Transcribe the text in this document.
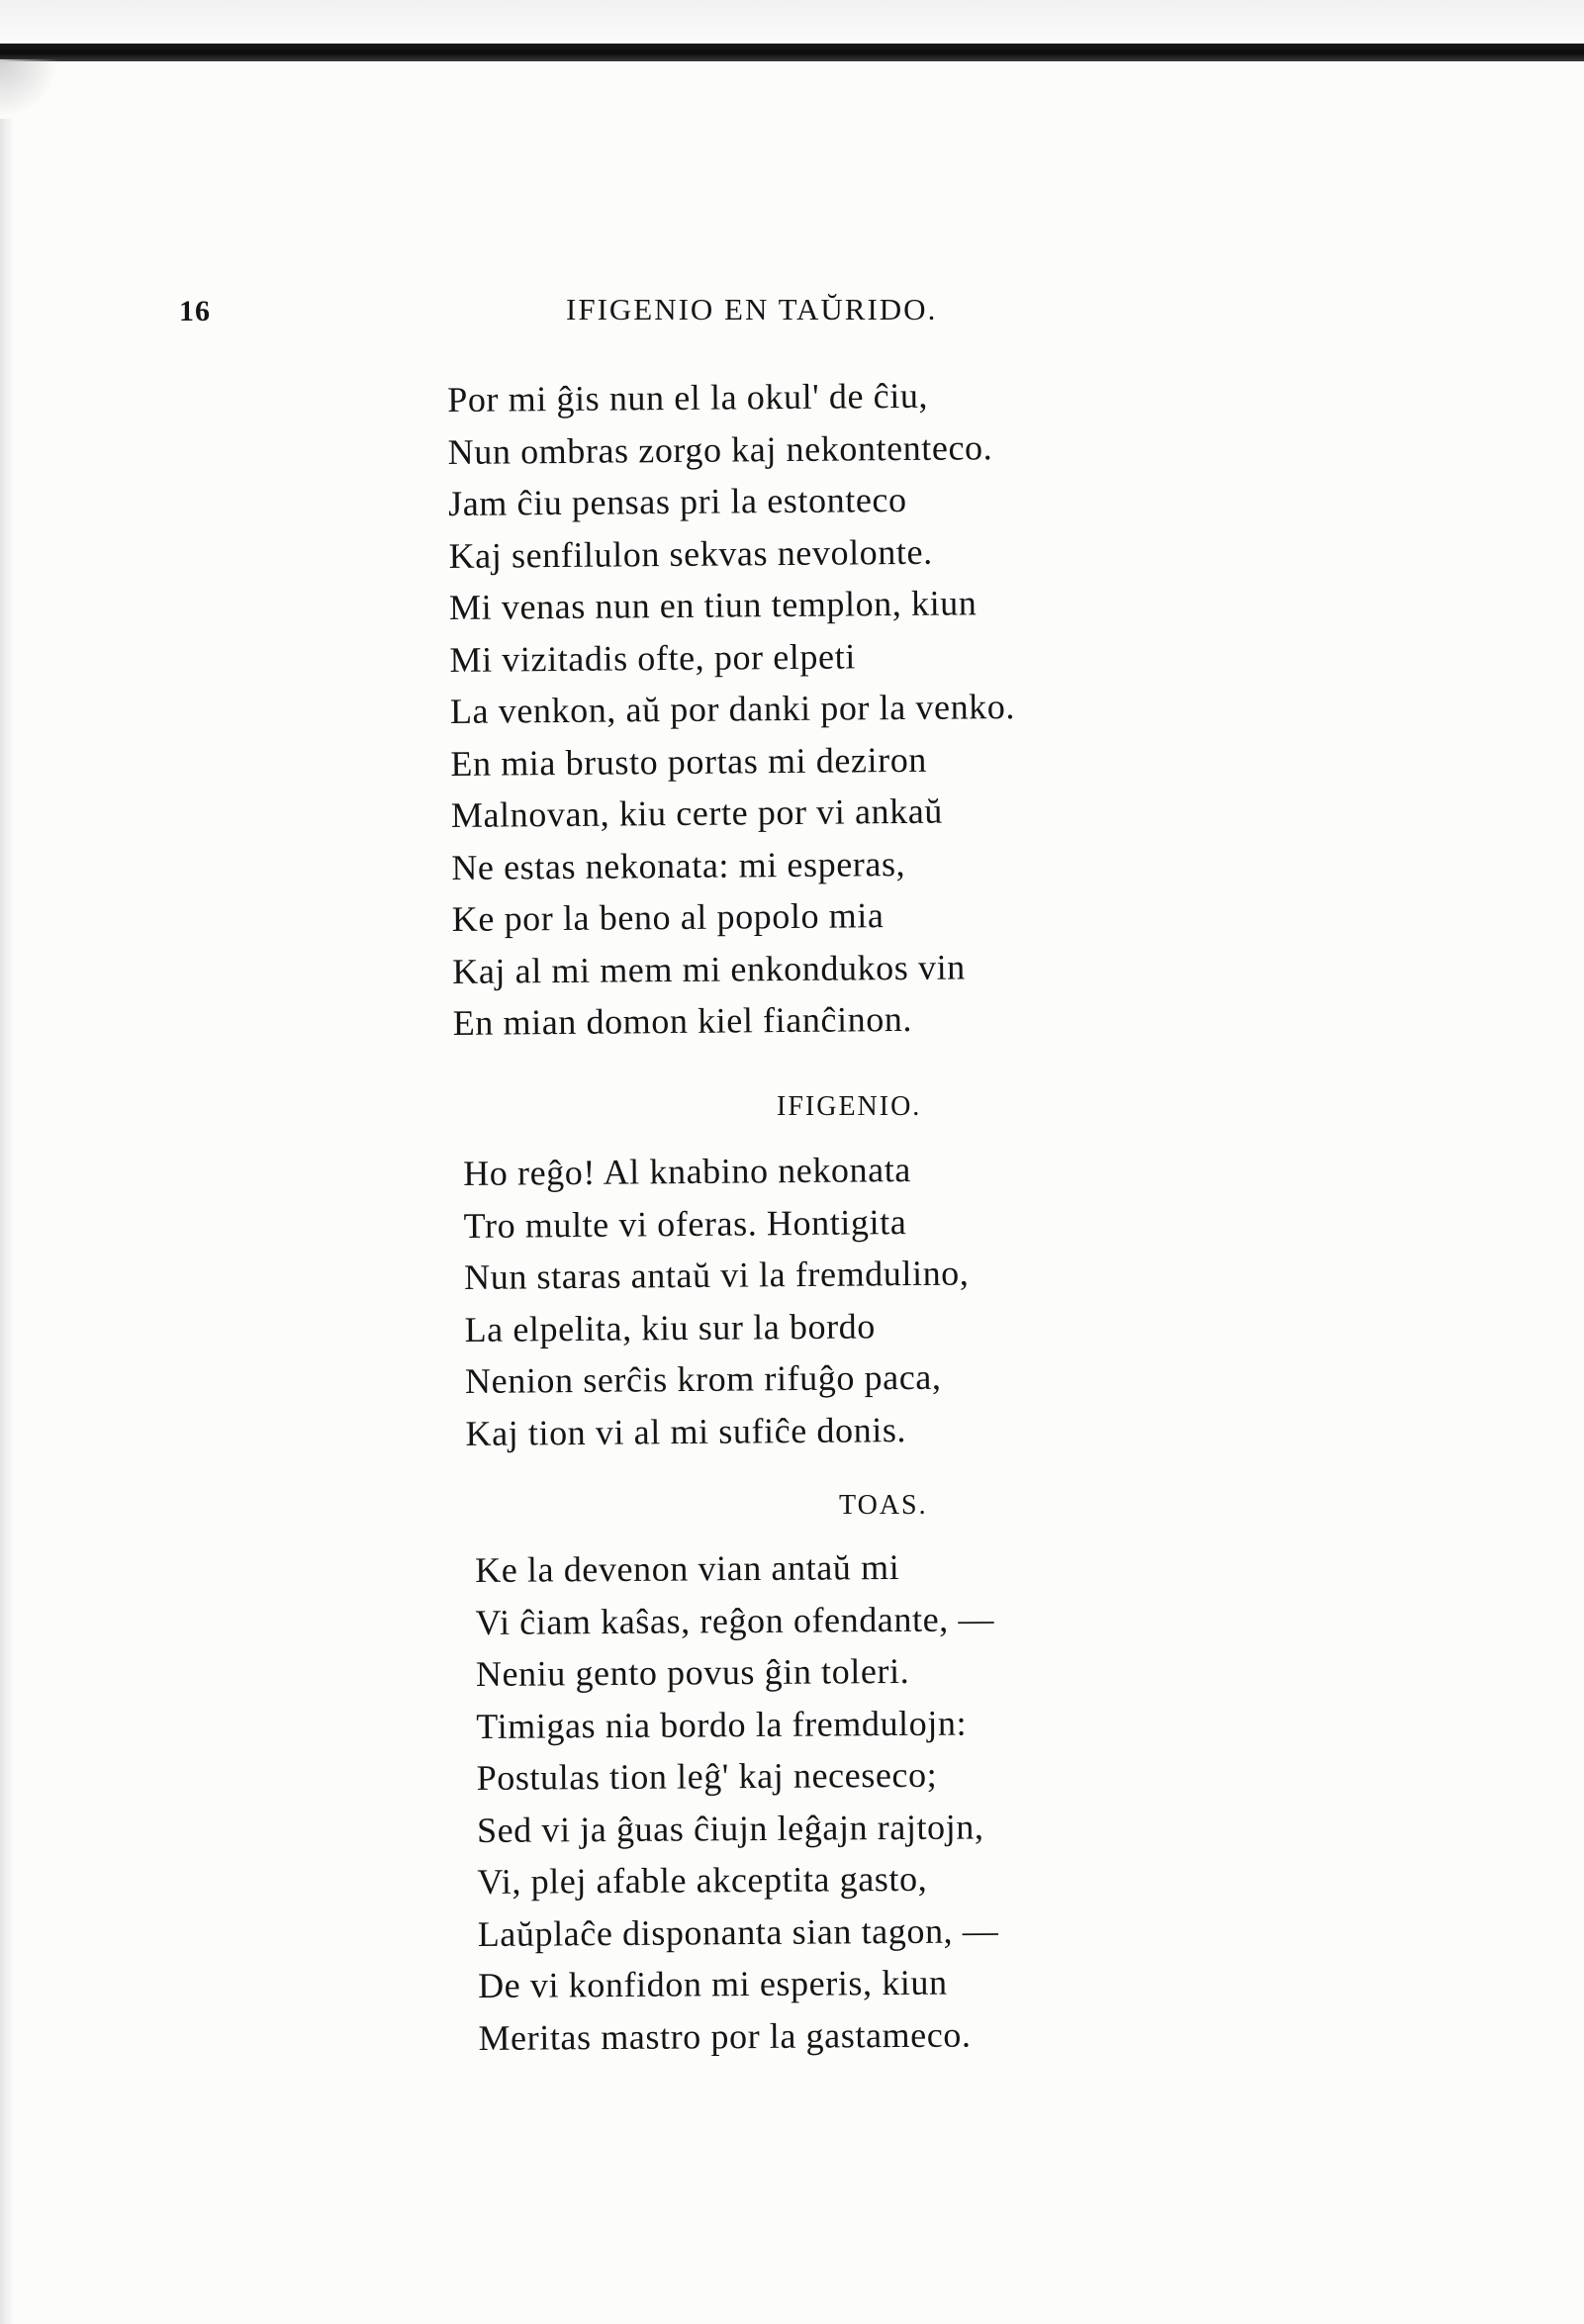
16	IFIGENIO EN TAŬRIDO.
Por mi ĝis nun el la okul' de ĉiu,
Nun ombras zorgo kaj nekontenteco.
Jam ĉiu pensas pri la estonteco
Kaj senfilulon sekvas nevolonte.
Mi venas nun en tiun templon, kiun
Mi vizitadis ofte, por elpeti
La venkon, aŭ por danki por la venko.
En mia brusto portas mi deziron
Malnovan, kiu certe por vi ankaŭ
Ne estas nekonata: mi esperas,
Ke por la beno al popolo mia
Kaj al mi mem mi enkondukos vin
En mian domon kiel fianĉinon.
IFIGENIO.
Ho reĝo! Al knabino nekonata
Tro multe vi oferas. Hontigita
Nun staras antaŭ vi la fremdulino,
La elpelita, kiu sur la bordo
Nenion serĉis krom rifuĝo paca,
Kaj tion vi al mi sufiĉe donis.
TOAS.
Ke la devenon vian antaŭ mi
Vi ĉiam kaŝas, reĝon ofendante, —
Neniu gento povus ĝin toleri.
Timigas nia bordo la fremdulojn:
Postulas tion leĝ' kaj neceseco;
Sed vi ja ĝuas ĉiujn leĝajn rajtojn,
Vi, plej afable akceptita gasto,
Laŭplaĉe disponanta sian tagon, —
De vi konfidon mi esperis, kiun
Meritas mastro por la gastameco.
